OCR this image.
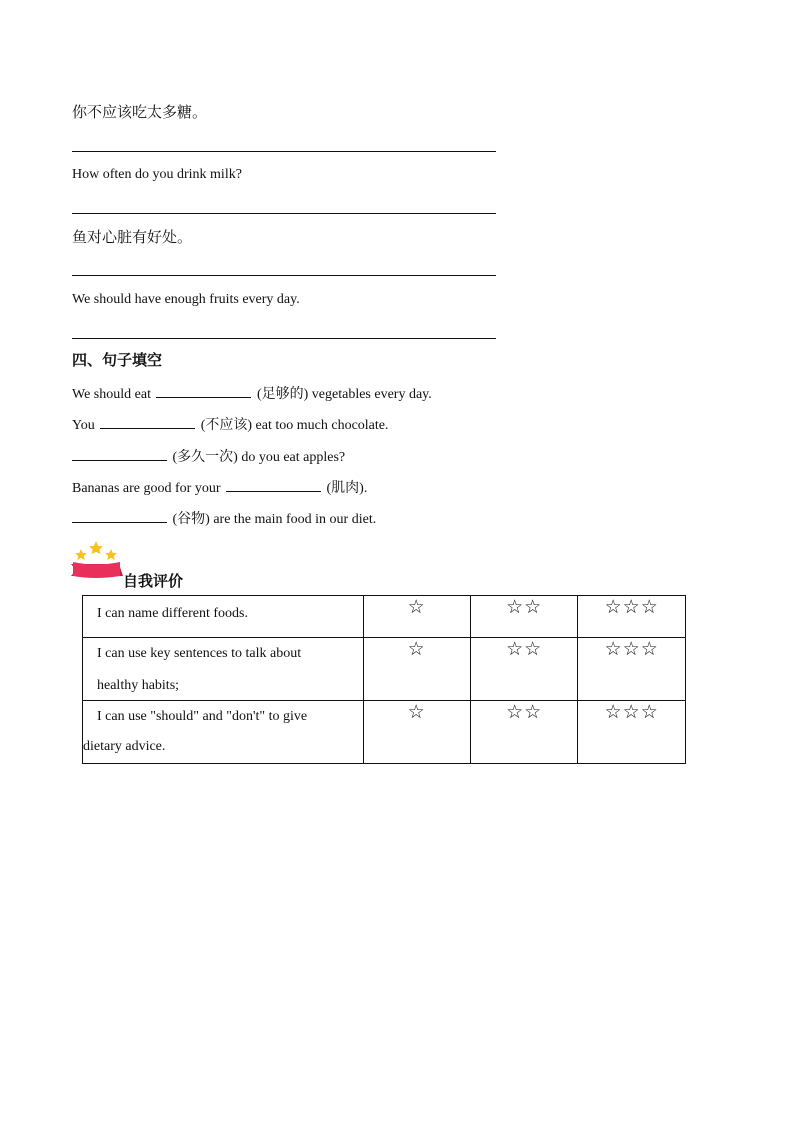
你不应该吃太多糖。
How often do you drink milk?
鱼对心脏有好处。
We should have enough fruits every day.
四、句子填空
We should eat	(足够的) vegetables every day.
You	(不应该) eat too much chocolate.
(多久一次) do you eat apples?
Bananas are good for your	(肌肉).
(谷物) are the main food in our diet.
自我评价
I can name different foods.	☆	☆☆	☆☆☆

I can use key sentences to talk about
healthy habits;	☆	☆☆	☆☆☆

I can use "should" and "don't" to give
dietary advice.	☆	☆☆	☆☆☆
